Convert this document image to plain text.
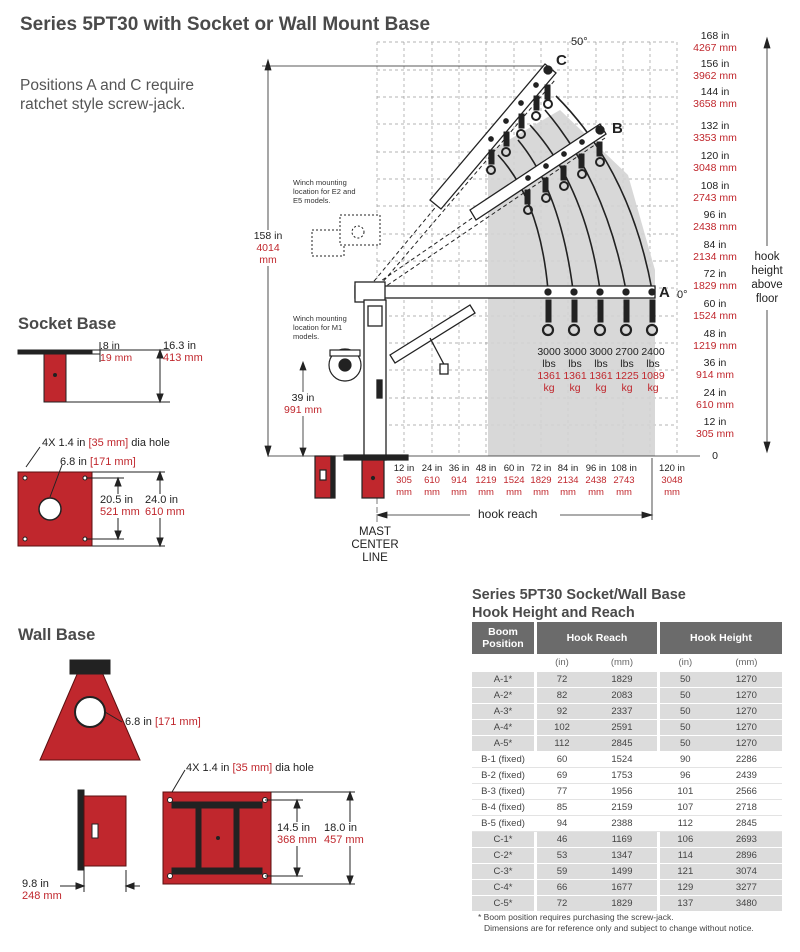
Series 5PT30 with Socket or Wall Mount Base
Positions A and C require ratchet style screw-jack.
Socket Base
Wall Base
50°
C
B
A 0°
Winch mounting location for E2 and E5 models.
Winch mounting location for M1 models.
158 in
4014 mm
39 in
991 mm
3000
lbs
1361
kg
3000
lbs
1361
kg
3000
lbs
1361
kg
2700
lbs
1225
kg
2400
lbs
1089
kg
12 in
305 mm
24 in
610 mm
36 in
914 mm
48 in
1219 mm
60 in
1524 mm
72 in
1829 mm
84 in
2134 mm
96 in
2438 mm
108 in
2743 mm
120 in
3048 mm
hook reach
MAST CENTER LINE
168 in
4267 mm
156 in
3962 mm
144 in
3658 mm
132 in
3353 mm
120 in
3048 mm
108 in
2743 mm
96 in
2438 mm
84 in
2134 mm
72 in
1829 mm
60 in
1524 mm
48 in
1219 mm
36 in
914 mm
24 in
610 mm
12 in
305 mm
0
hook height above floor
.8 in
19 mm
16.3 in
413 mm
4X 1.4 in [35 mm] dia hole
6.8 in [171 mm]
20.5 in
521 mm
24.0 in
610 mm
6.8 in [171 mm]
4X 1.4 in [35 mm] dia hole
14.5 in
368 mm
18.0 in
457 mm
9.8 in
248 mm
Series 5PT30 Socket/Wall Base
Hook Height and Reach
Boom Position		Hook Reach			Hook Height	
		(in)	(mm)		(in)	(mm)
A-1*		72	1829		50	1270
A-2*		82	2083		50	1270
A-3*		92	2337		50	1270
A-4*		102	2591		50	1270
A-5*		112	2845		50	1270
B-1 (fixed)		60	1524		90	2286
B-2 (fixed)		69	1753		96	2439
B-3 (fixed)		77	1956		101	2566
B-4 (fixed)		85	2159		107	2718
B-5 (fixed)		94	2388		112	2845
C-1*		46	1169		106	2693
C-2*		53	1347		114	2896
C-3*		59	1499		121	3074
C-4*		66	1677		129	3277
C-5*		72	1829		137	3480
* Boom position requires purchasing the screw-jack.
Dimensions are for reference only and subject to change without notice.
